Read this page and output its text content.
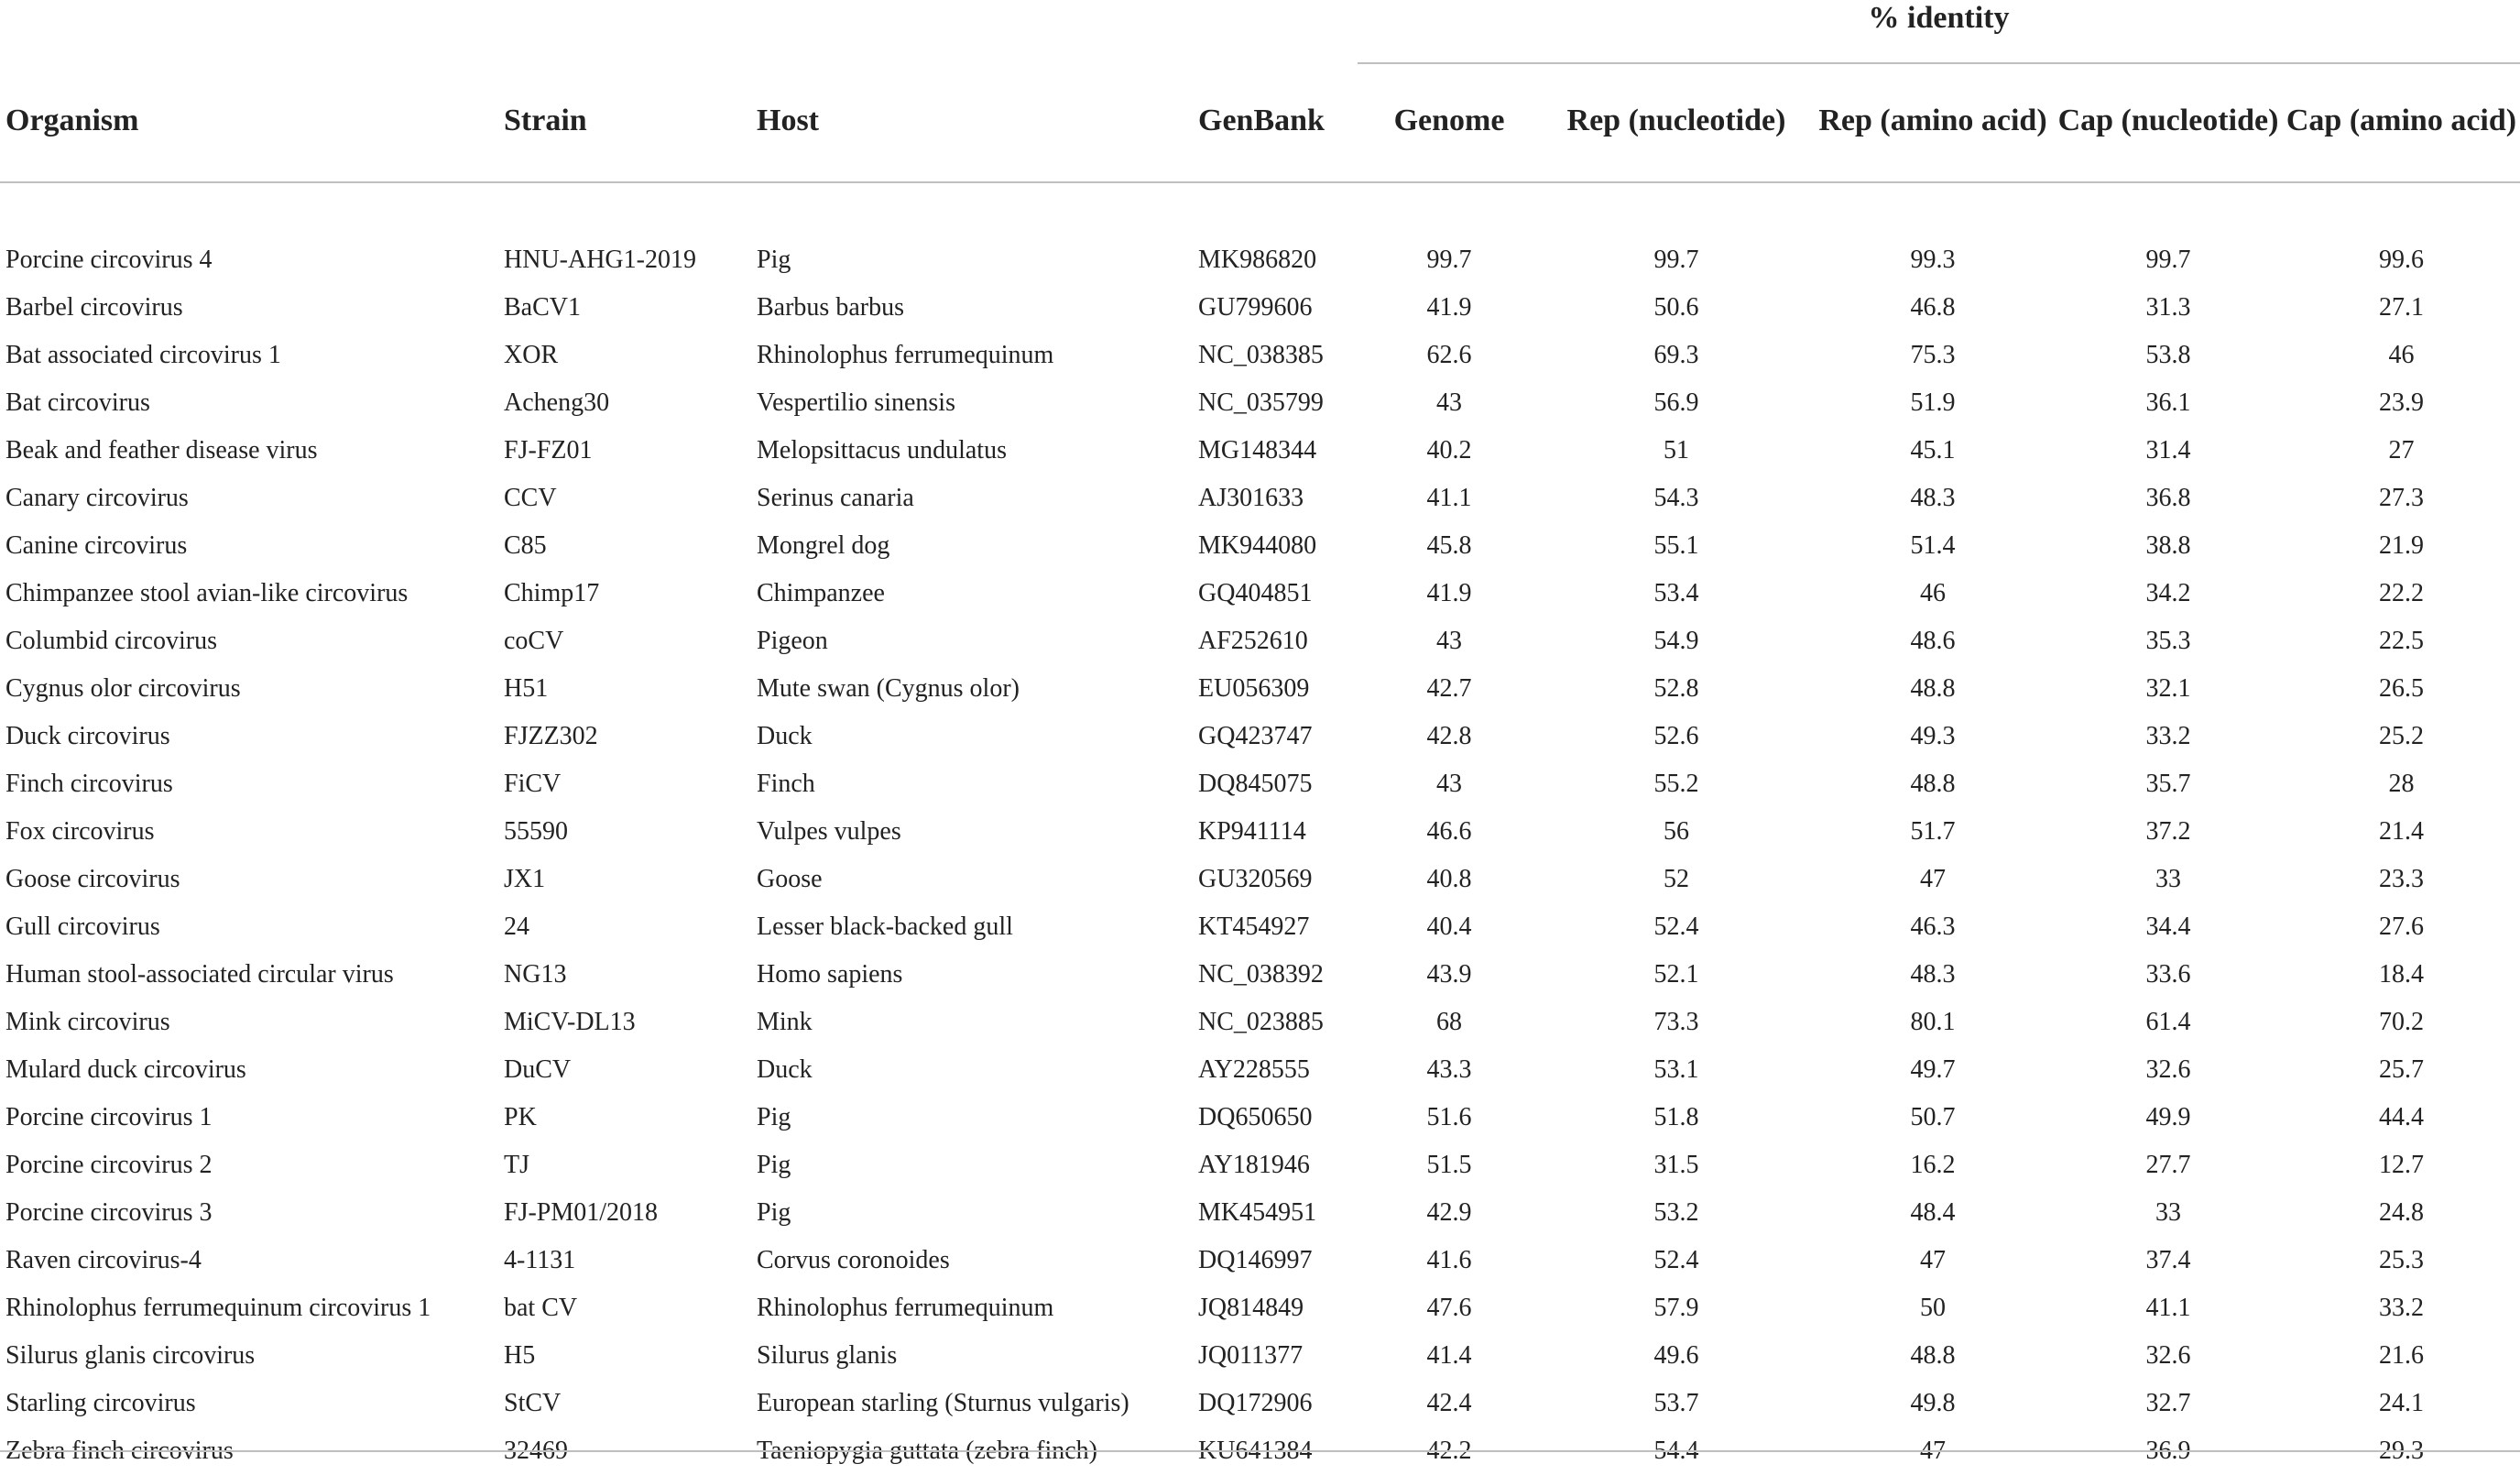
% identity
Organism	Strain	Host	GenBank	Genome	Rep (nucleotide)	Rep (amino acid)	Cap (nucleotide)	Cap (amino acid)

Porcine circovirus 4	HNU-AHG1-2019	Pig	MK986820	99.7	99.7	99.3	99.7	99.6
Barbel circovirus	BaCV1	Barbus barbus	GU799606	41.9	50.6	46.8	31.3	27.1
Bat associated circovirus 1	XOR	Rhinolophus ferrumequinum	NC_038385	62.6	69.3	75.3	53.8	46
Bat circovirus	Acheng30	Vespertilio sinensis	NC_035799	43	56.9	51.9	36.1	23.9
Beak and feather disease virus	FJ-FZ01	Melopsittacus undulatus	MG148344	40.2	51	45.1	31.4	27
Canary circovirus	CCV	Serinus canaria	AJ301633	41.1	54.3	48.3	36.8	27.3
Canine circovirus	C85	Mongrel dog	MK944080	45.8	55.1	51.4	38.8	21.9
Chimpanzee stool avian-like circovirus	Chimp17	Chimpanzee	GQ404851	41.9	53.4	46	34.2	22.2
Columbid circovirus	coCV	Pigeon	AF252610	43	54.9	48.6	35.3	22.5
Cygnus olor circovirus	H51	Mute swan (Cygnus olor)	EU056309	42.7	52.8	48.8	32.1	26.5
Duck circovirus	FJZZ302	Duck	GQ423747	42.8	52.6	49.3	33.2	25.2
Finch circovirus	FiCV	Finch	DQ845075	43	55.2	48.8	35.7	28
Fox circovirus	55590	Vulpes vulpes	KP941114	46.6	56	51.7	37.2	21.4
Goose circovirus	JX1	Goose	GU320569	40.8	52	47	33	23.3
Gull circovirus	24	Lesser black-backed gull	KT454927	40.4	52.4	46.3	34.4	27.6
Human stool-associated circular virus	NG13	Homo sapiens	NC_038392	43.9	52.1	48.3	33.6	18.4
Mink circovirus	MiCV-DL13	Mink	NC_023885	68	73.3	80.1	61.4	70.2
Mulard duck circovirus	DuCV	Duck	AY228555	43.3	53.1	49.7	32.6	25.7
Porcine circovirus 1	PK	Pig	DQ650650	51.6	51.8	50.7	49.9	44.4
Porcine circovirus 2	TJ	Pig	AY181946	51.5	31.5	16.2	27.7	12.7
Porcine circovirus 3	FJ-PM01/2018	Pig	MK454951	42.9	53.2	48.4	33	24.8
Raven circovirus-4	4-1131	Corvus coronoides	DQ146997	41.6	52.4	47	37.4	25.3
Rhinolophus ferrumequinum circovirus 1	bat CV	Rhinolophus ferrumequinum	JQ814849	47.6	57.9	50	41.1	33.2
Silurus glanis circovirus	H5	Silurus glanis	JQ011377	41.4	49.6	48.8	32.6	21.6
Starling circovirus	StCV	European starling (Sturnus vulgaris)	DQ172906	42.4	53.7	49.8	32.7	24.1
Zebra finch circovirus	32469	Taeniopygia guttata (zebra finch)	KU641384	42.2	54.4	47	36.9	29.3
